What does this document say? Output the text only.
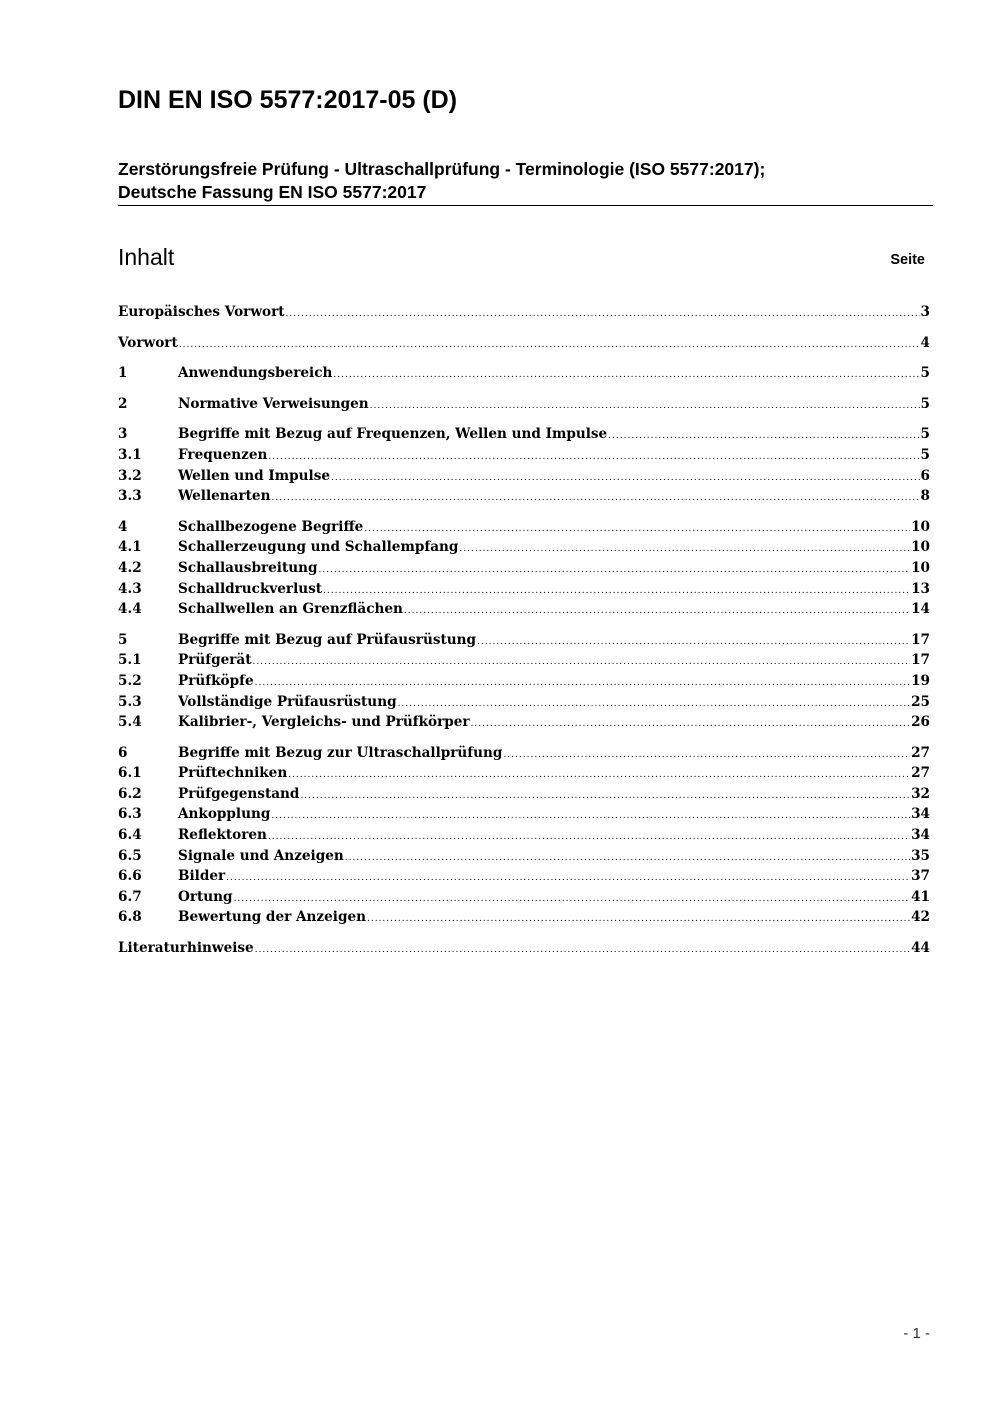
DIN EN ISO 5577:2017-05 (D)
Zerstörungsfreie Prüfung - Ultraschallprüfung - Terminologie (ISO 5577:2017);
Deutsche Fassung EN ISO 5577:2017
Inhalt	Seite
Europäisches Vorwort .....	3
Vorwort .....	4
1	Anwendungsbereich .....	5
2	Normative Verweisungen .....	5
3	Begriffe mit Bezug auf Frequenzen, Wellen und Impulse .....	5
3.1	Frequenzen .....	5
3.2	Wellen und Impulse .....	6
3.3	Wellenarten .....	8
4	Schallbezogene Begriffe .....	10
4.1	Schallerzeugung und Schallempfang .....	10
4.2	Schallausbreitung .....	10
4.3	Schalldruckverlust .....	13
4.4	Schallwellen an Grenzflächen .....	14
5	Begriffe mit Bezug auf Prüfausrüstung .....	17
5.1	Prüfgerät .....	17
5.2	Prüfköpfe .....	19
5.3	Vollständige Prüfausrüstung .....	25
5.4	Kalibrier-, Vergleichs- und Prüfkörper .....	26
6	Begriffe mit Bezug zur Ultraschallprüfung .....	27
6.1	Prüftechniken .....	27
6.2	Prüfgegenstand .....	32
6.3	Ankopplung .....	34
6.4	Reflektoren .....	34
6.5	Signale und Anzeigen .....	35
6.6	Bilder .....	37
6.7	Ortung .....	41
6.8	Bewertung der Anzeigen .....	42
Literaturhinweise .....	44
- 1 -
